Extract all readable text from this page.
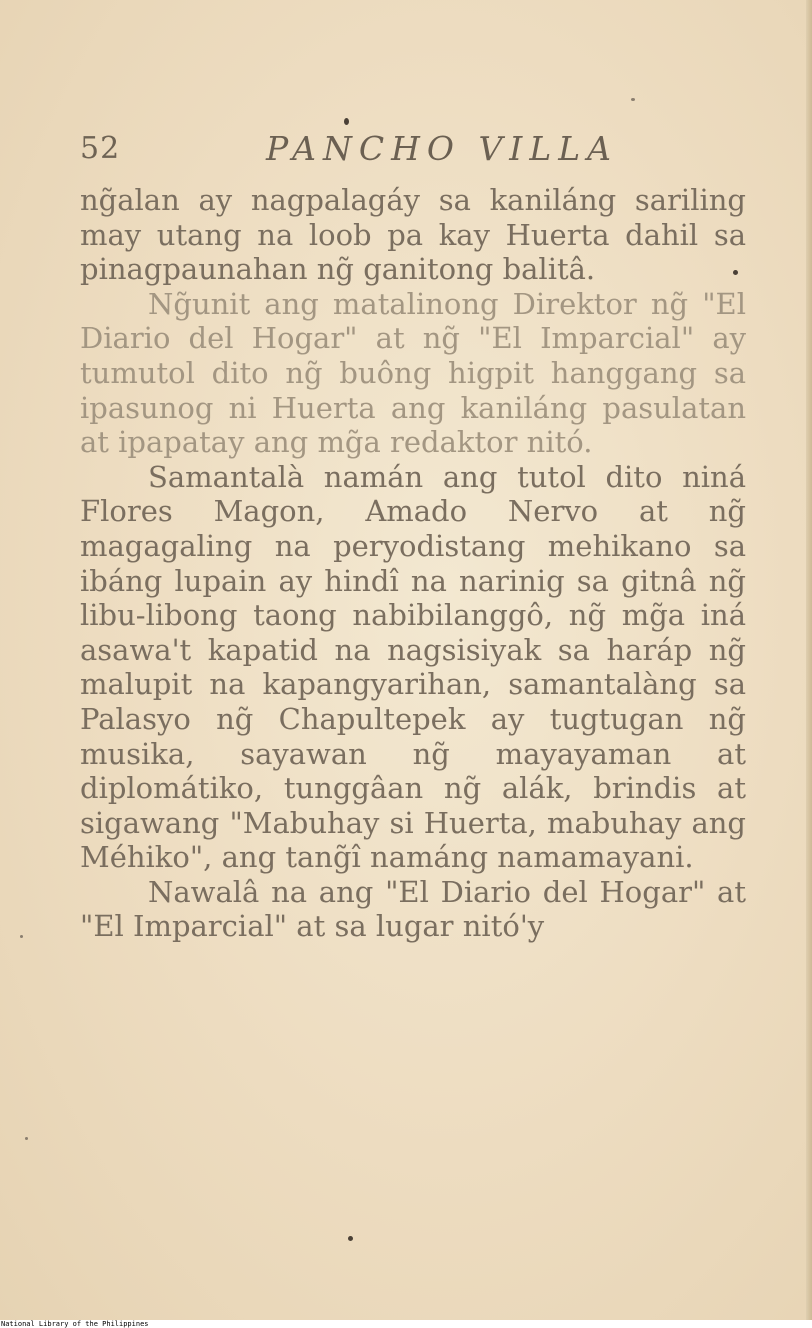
52	PANCHO VILLA

ng̃alan ay nagpalagáy sa kaniláng sariling may utang na loob pa kay Huerta dahil sa pinagpaunahan ng̃ ganitong balitâ.

Ng̃unit ang matalinong Direktor ng̃ "El Diario del Hogar" at ng̃ "El Imparcial" ay tumutol dito ng̃ buông higpit hanggang sa ipasunog ni Huerta ang kaniláng pasulatan at ipapatay ang mg̃a redaktor nitó.

Samantalà namán ang tutol dito niná Flores Magon, Amado Nervo at ng̃ magagaling na peryodistang mehikano sa ibáng lupain ay hindî na narinig sa gitnâ ng̃ libu-libong taong nabibilanggô, ng̃ mg̃a iná asawa't kapatid na nagsisiyak sa haráp ng̃ malupit na kapangyarihan, samantalàng sa Palasyo ng̃ Chapultepek ay tugtugan ng̃ musika, sayawan ng̃ mayayaman at diplomátiko, tunggâan ng̃ alák, brindis at sigawang "Mabuhay si Huerta, mabuhay ang Méhiko", ang tang̃î namáng namamayani.

Nawalâ na ang "El Diario del Hogar" at "El Imparcial" at sa lugar nitó'y

National Library of the Philippines
